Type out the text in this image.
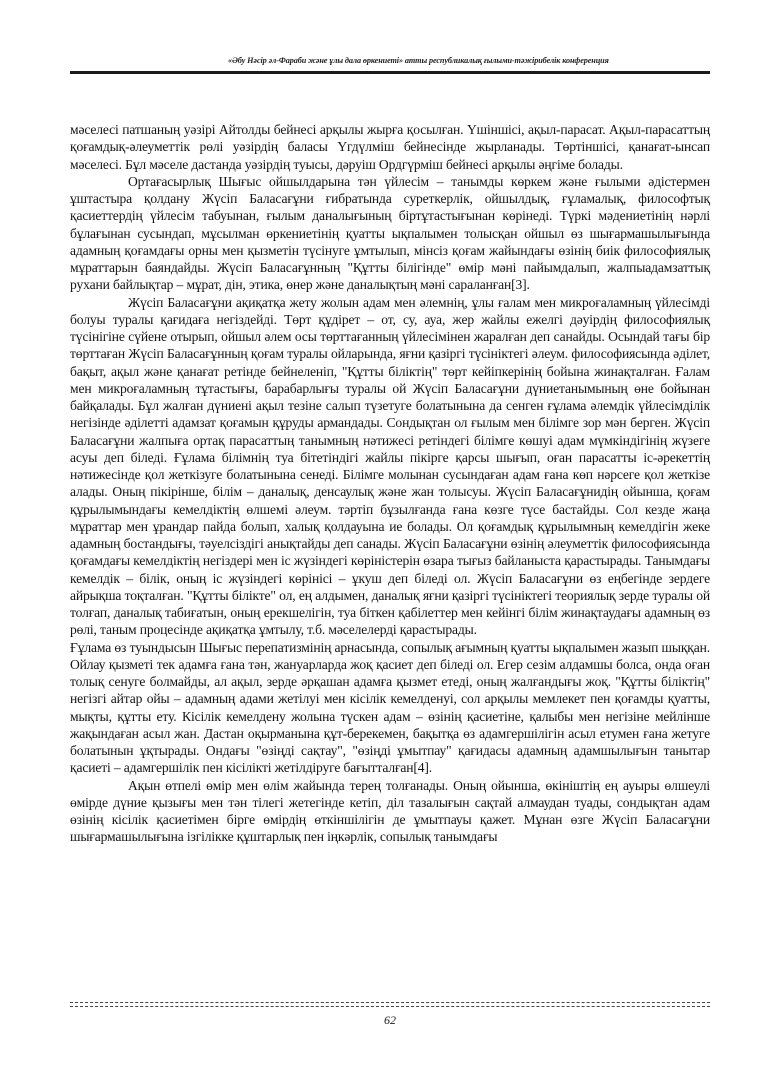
«Әбу Нәсір әл-Фараби және ұлы дала өркениеті» атты республикалық ғылыми-тәжірибелік конференция

мәселесі патшаның уәзірі Айтолды бейнесі арқылы жырға қосылған. Үшіншісі, ақыл-парасат. Ақыл-парасаттың қоғамдық-әлеуметтік рөлі уәзірдің баласы Үгдүлміш бейнесінде жырланады. Төртіншісі, қанағат-ынсап мәселесі. Бұл мәселе дастанда уәзірдің туысы, дәруіш Ордгүрміш бейнесі арқылы әңгіме болады.

Ортағасырлық Шығыс ойшылдарына тән үйлесім – танымды көркем және ғылыми әдістермен ұштастыра қолдану Жүсіп Баласағұни ғибратында суреткерлік, ойшылдық, ғұламалық, философтық қасиеттердің үйлесім табуынан, ғылым даналығының біртұтастығынан көрінеді. Түркі мәдениетінің нәрлі бұлағынан сусындап, мұсылман өркениетінің қуатты ықпалымен толысқан ойшыл өз шығармашылығында адамның қоғамдағы орны мен қызметін түсінуге ұмтылып, мінсіз қоғам жайындағы өзінің биік философиялық мұраттарын баяндайды. Жүсіп Баласағұнның "Құтты білігінде" өмір мәні пайымдалып, жалпыадамзаттық рухани байлықтар – мұрат, дін, этика, өнер және даналықтың мәні сараланған[3].

Жүсіп Баласағұни ақиқатқа жету жолын адам мен әлемнің, ұлы ғалам мен микроғаламның үйлесімді болуы туралы қағидаға негіздейді. Төрт құдірет – от, су, ауа, жер жайлы ежелгі дәуірдің философиялық түсінігіне сүйене отырып, ойшыл әлем осы төрттағанның үйлесімінен жаралған деп санайды. Осындай тағы бір төрттаған Жүсіп Баласағұнның қоғам туралы ойларында, яғни қазіргі түсініктегі әлеум. философиясында әділет, бақыт, ақыл және қанағат ретінде бейнеленіп, "Құтты біліктің" төрт кейіпкерінің бойына жинақталған. Ғалам мен микроғаламның тұтастығы, барабарлығы туралы ой Жүсіп Баласағұни дүниетанымының өне бойынан байқалады. Бұл жалған дүниені ақыл тезіне салып түзетуге болатынына да сенген ғұлама әлемдік үйлесімділік негізінде әділетті адамзат қоғамын құруды армандады. Сондықтан ол ғылым мен білімге зор мән берген. Жүсіп Баласағұни жалпыға ортақ парасаттың танымның нәтижесі ретіндегі білімге көшуі адам мүмкіндігінің жүзеге асуы деп біледі. Ғұлама білімнің туа бітетіндігі жайлы пікірге қарсы шығып, оған парасатты іс-әрекеттің нәтижесінде қол жеткізуге болатынына сенеді. Білімге молынан сусындаған адам ғана көп нәрсеге қол жеткізе алады. Оның пікірінше, білім – даналық, денсаулық және жан толысуы. Жүсіп Баласағұнидің ойынша, қоғам құрылымындағы кемелдіктің өлшемі әлеум. тәртіп бұзылғанда ғана көзге түсе бастайды. Сол кезде жаңа мұраттар мен ұрандар пайда болып, халық қолдауына ие болады. Ол қоғамдық құрылымның кемелдігін жеке адамның бостандығы, тәуелсіздігі анықтайды деп санады. Жүсіп Баласағұни өзінің әлеуметтік философиясында қоғамдағы кемелдіктің негіздері мен іс жүзіндегі көріністерін өзара тығыз байланыста қарастырады. Танымдағы кемелдік – білік, оның іс жүзіндегі көрінісі – ұкуш деп біледі ол. Жүсіп Баласағұни өз еңбегінде зердеге айрықша тоқталған. "Құтты білікте" ол, ең алдымен, даналық яғни қазіргі түсініктегі теориялық зерде туралы ой толғап, даналық табиғатын, оның ерекшелігін, туа біткен қабілеттер мен кейінгі білім жинақтаудағы адамның өз рөлі, таным процесінде ақиқатқа ұмтылу, т.б. мәселелерді қарастырады.

Ғұлама өз туындысын Шығыс перепатизмінің арнасында, сопылық ағымның қуатты ықпалымен жазып шыққан. Ойлау қызметі тек адамға ғана тән, жануарларда жоқ қасиет деп біледі ол. Егер сезім алдамшы болса, онда оған толық сенуге болмайды, ал ақыл, зерде әрқашан адамға қызмет етеді, оның жалғандығы жоқ. "Құтты біліктің" негізгі айтар ойы – адамның адами жетілуі мен кісілік кемелденуі, сол арқылы мемлекет пен қоғамды қуатты, мықты, құтты ету. Кісілік кемелдену жолына түскен адам – өзінің қасиетіне, қалыбы мен негізіне мейлінше жақындаған асыл жан. Дастан оқырманына құт-берекемен, бақытқа өз адамгершілігін асыл етумен ғана жетуге болатынын ұқтырады. Ондағы "өзіңді сақтау", "өзіңді ұмытпау" қағидасы адамның адамшылығын танытар қасиеті – адамгершілік пен кісілікті жетілдіруге бағытталған[4].

Ақын өтпелі өмір мен өлім жайында терең толғанады. Оның ойынша, өкініштің ең ауыры өлшеулі өмірде дүние қызығы мен тән тілегі жетегінде кетіп, діл тазалығын сақтай алмаудан туады, сондықтан адам өзінің кісілік қасиетімен бірге өмірдің өткіншілігін де ұмытпауы қажет. Мұнан өзге Жүсіп Баласағұни шығармашылығына ізгілікке құштарлық пен іңкәрлік, сопылық танымдағы

62
